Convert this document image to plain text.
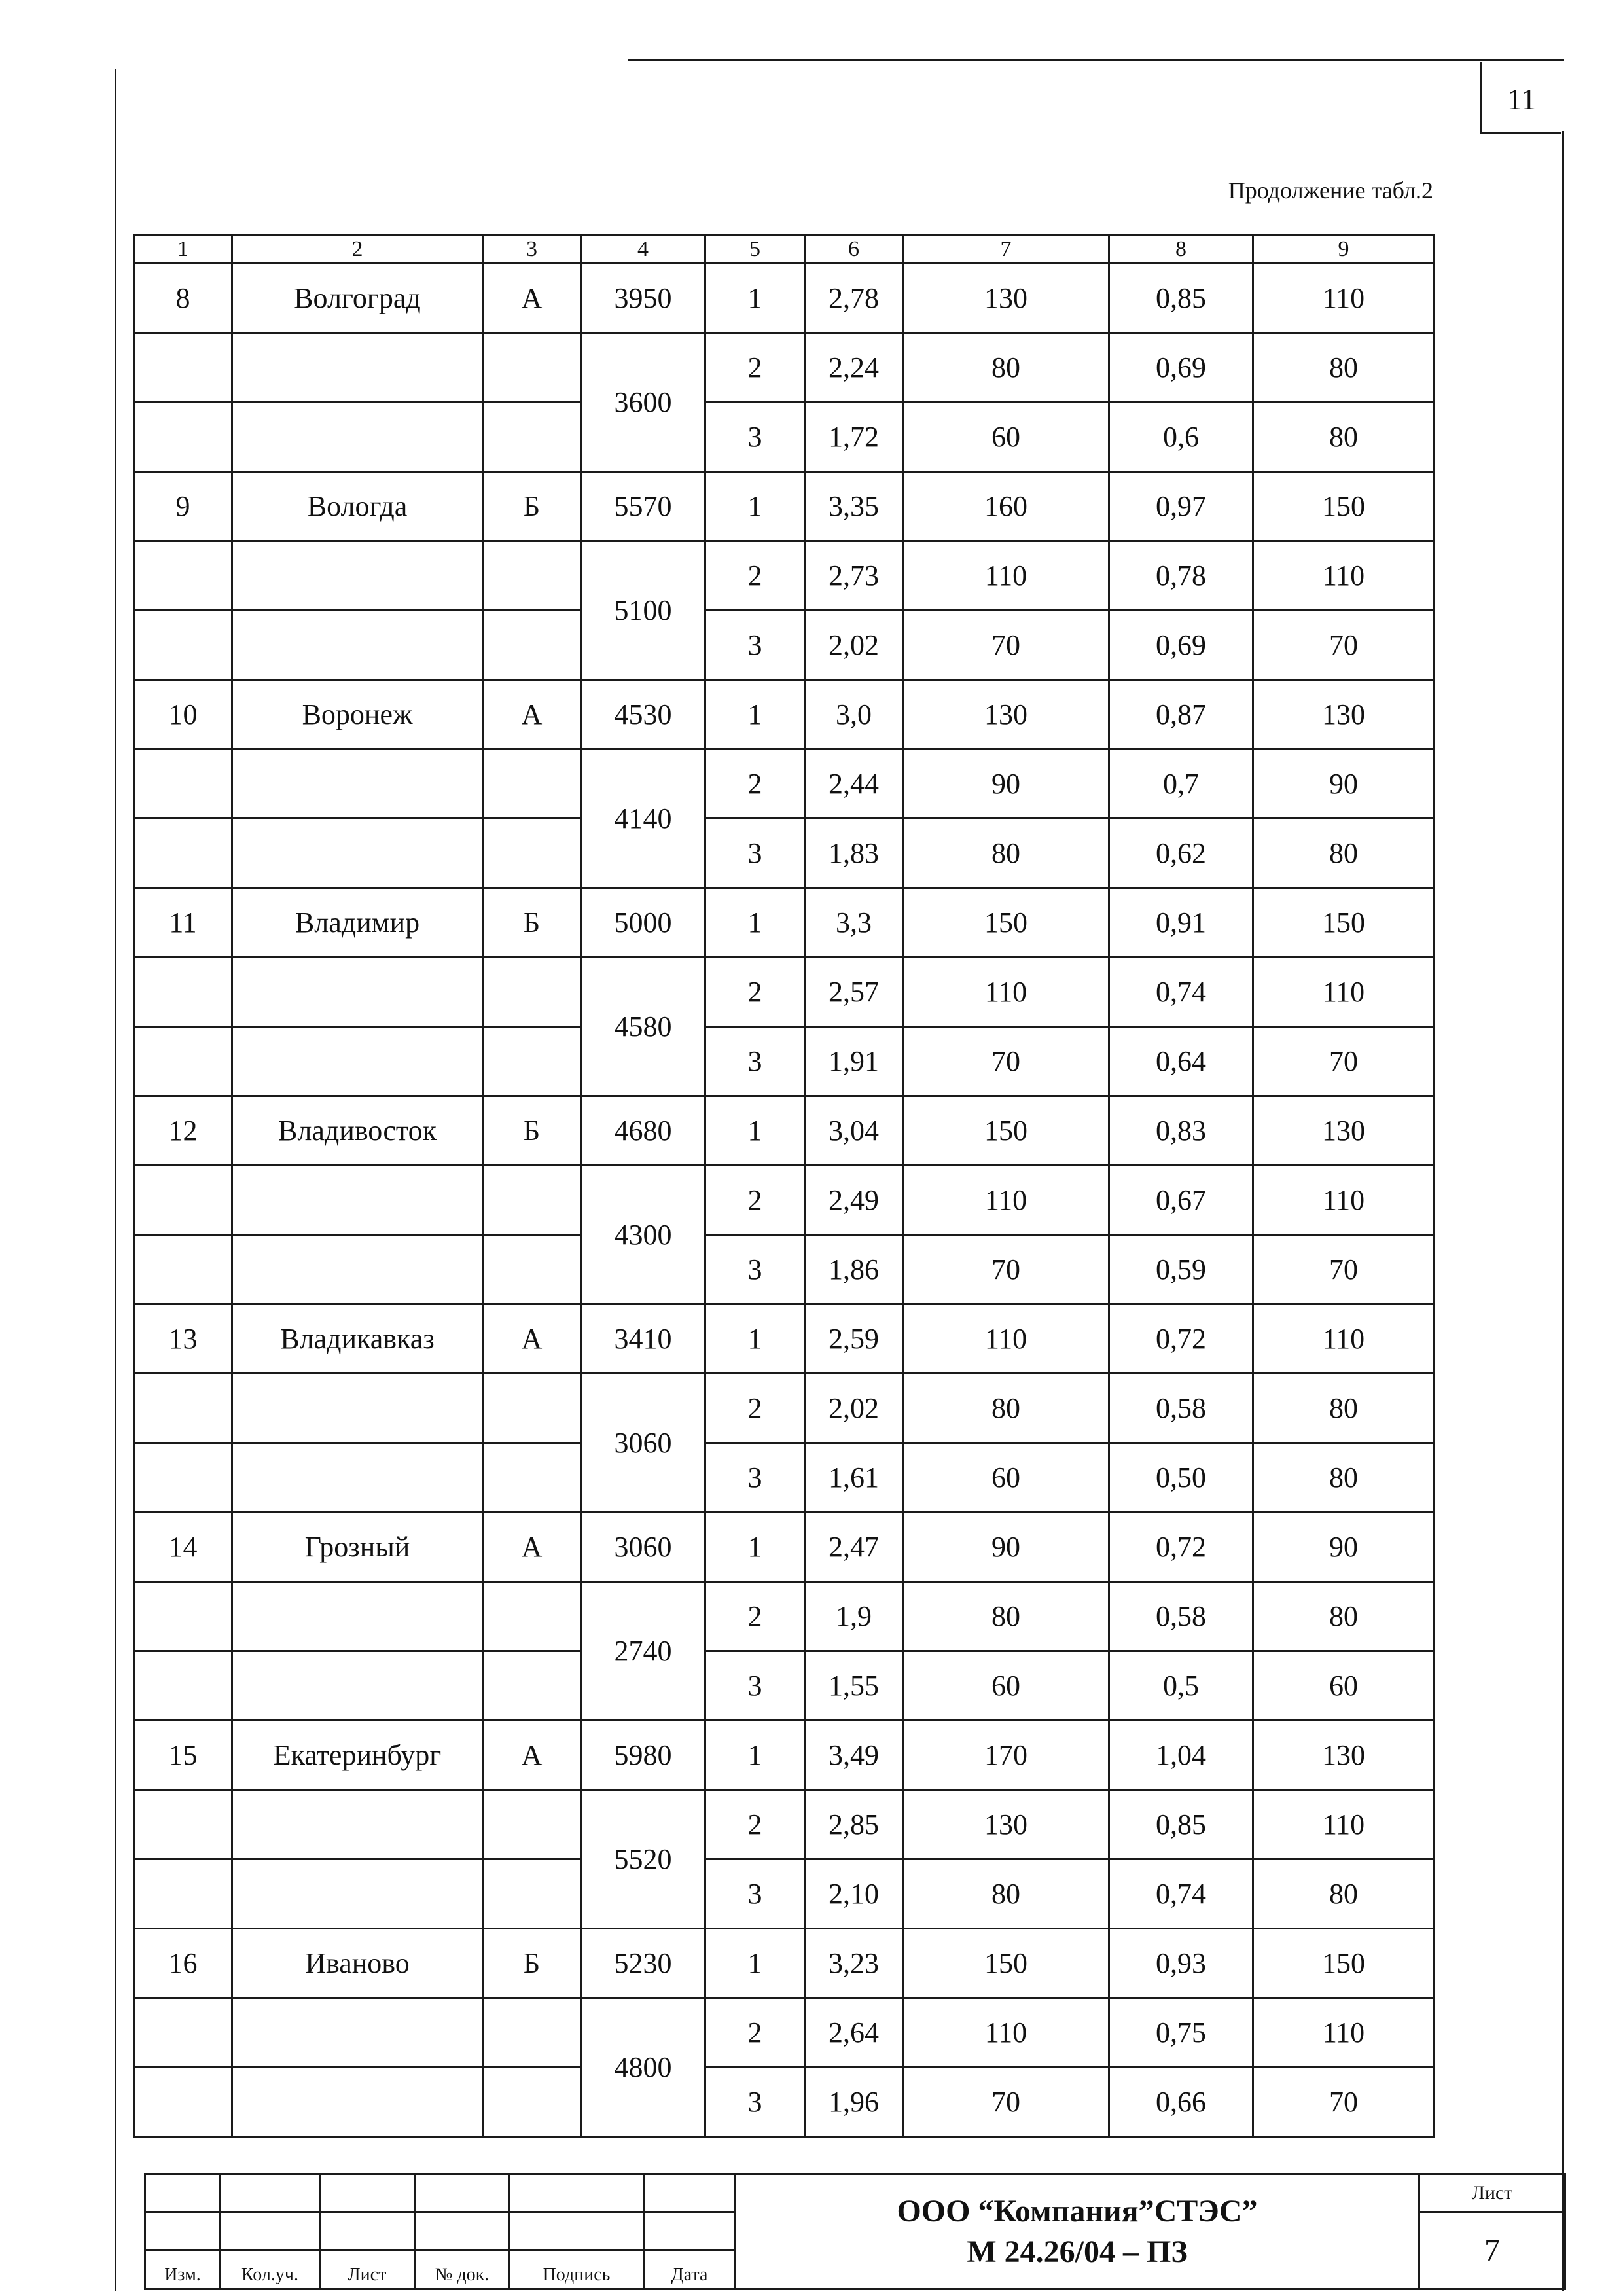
11
Продолжение табл.2
1	2	3	4	5	6	7	8	9
8	Волгоград	А	3950	1	2,78	130	0,85	110
			3600	2	2,24	80	0,69	80
				3	1,72	60	0,6	80
9	Вологда	Б	5570	1	3,35	160	0,97	150
			5100	2	2,73	110	0,78	110
				3	2,02	70	0,69	70
10	Воронеж	А	4530	1	3,0	130	0,87	130
			4140	2	2,44	90	0,7	90
				3	1,83	80	0,62	80
11	Владимир	Б	5000	1	3,3	150	0,91	150
			4580	2	2,57	110	0,74	110
				3	1,91	70	0,64	70
12	Владивосток	Б	4680	1	3,04	150	0,83	130
			4300	2	2,49	110	0,67	110
				3	1,86	70	0,59	70
13	Владикавказ	А	3410	1	2,59	110	0,72	110
			3060	2	2,02	80	0,58	80
				3	1,61	60	0,50	80
14	Грозный	А	3060	1	2,47	90	0,72	90
			2740	2	1,9	80	0,58	80
				3	1,55	60	0,5	60
15	Екатеринбург	А	5980	1	3,49	170	1,04	130
			5520	2	2,85	130	0,85	110
				3	2,10	80	0,74	80
16	Иваново	Б	5230	1	3,23	150	0,93	150
			4800	2	2,64	110	0,75	110
				3	1,96	70	0,66	70

						ООО “Компания”СТЭС”
М 24.26/04 – ПЗ	Лист
							7
Изм.	Кол.уч.	Лист	№ док.	Подпись	Дата		
